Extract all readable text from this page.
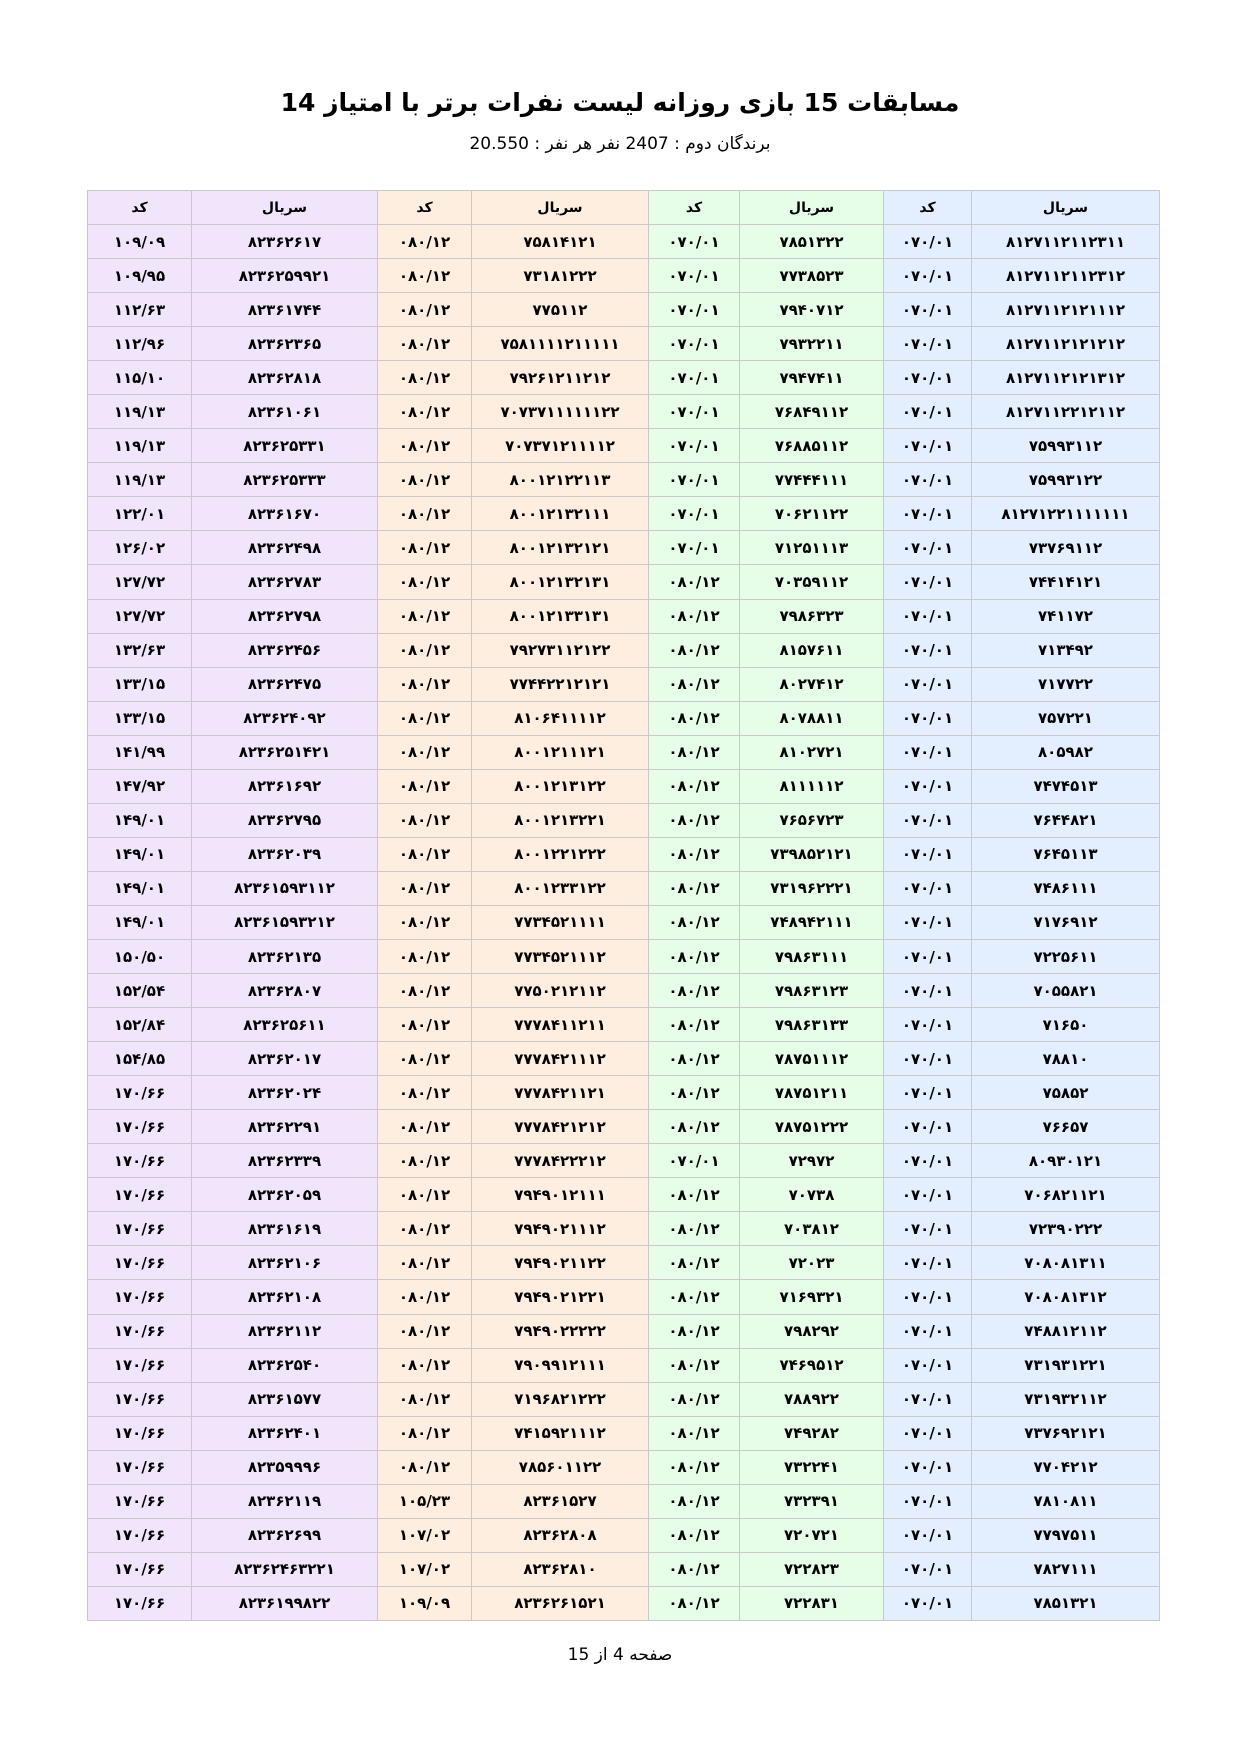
مسابقات 15 بازی روزانه لیست نفرات برتر با امتیاز 14
برندگان دوم : 2407 نفر هر نفر : 20.550
سریال	کد	سریال	کد	سریال	کد	سریال	کد
۸۱۲۷۱۱۲۱۱۲۳۱۱	۰۷۰/۰۱	۷۸۵۱۳۲۲	۰۷۰/۰۱	۷۵۸۱۴۱۲۱	۰۸۰/۱۲	۸۲۳۶۲۶۱۷	۱۰۹/۰۹
۸۱۲۷۱۱۲۱۱۲۳۱۲	۰۷۰/۰۱	۷۷۳۸۵۲۳	۰۷۰/۰۱	۷۳۱۸۱۲۲۲	۰۸۰/۱۲	۸۲۳۶۲۵۹۹۲۱	۱۰۹/۹۵
۸۱۲۷۱۱۲۱۲۱۱۱۲	۰۷۰/۰۱	۷۹۴۰۷۱۲	۰۷۰/۰۱	۷۷۵۱۱۲	۰۸۰/۱۲	۸۲۳۶۱۷۴۴	۱۱۲/۶۳
۸۱۲۷۱۱۲۱۲۱۲۱۲	۰۷۰/۰۱	۷۹۳۲۲۱۱	۰۷۰/۰۱	۷۵۸۱۱۱۱۲۱۱۱۱۱	۰۸۰/۱۲	۸۲۳۶۲۳۶۵	۱۱۲/۹۶
۸۱۲۷۱۱۲۱۲۱۳۱۲	۰۷۰/۰۱	۷۹۴۷۴۱۱	۰۷۰/۰۱	۷۹۲۶۱۲۱۱۲۱۲	۰۸۰/۱۲	۸۲۳۶۲۸۱۸	۱۱۵/۱۰
۸۱۲۷۱۱۲۲۱۲۱۱۲	۰۷۰/۰۱	۷۶۸۴۹۱۱۲	۰۷۰/۰۱	۷۰۷۳۷۱۱۱۱۱۱۲۲	۰۸۰/۱۲	۸۲۳۶۱۰۶۱	۱۱۹/۱۳
۷۵۹۹۳۱۱۲	۰۷۰/۰۱	۷۶۸۸۵۱۱۲	۰۷۰/۰۱	۷۰۷۳۷۱۲۱۱۱۱۲	۰۸۰/۱۲	۸۲۳۶۲۵۳۳۱	۱۱۹/۱۳
۷۵۹۹۳۱۲۲	۰۷۰/۰۱	۷۷۴۴۴۱۱۱	۰۷۰/۰۱	۸۰۰۱۲۱۲۲۱۱۳	۰۸۰/۱۲	۸۲۳۶۲۵۳۳۳	۱۱۹/۱۳
۸۱۲۷۱۲۲۱۱۱۱۱۱۱	۰۷۰/۰۱	۷۰۶۲۱۱۲۲	۰۷۰/۰۱	۸۰۰۱۲۱۳۲۱۱۱	۰۸۰/۱۲	۸۲۳۶۱۶۷۰	۱۲۲/۰۱
۷۳۷۶۹۱۱۲	۰۷۰/۰۱	۷۱۲۵۱۱۱۳	۰۷۰/۰۱	۸۰۰۱۲۱۳۲۱۲۱	۰۸۰/۱۲	۸۲۳۶۲۴۹۸	۱۲۶/۰۲
۷۴۴۱۴۱۲۱	۰۷۰/۰۱	۷۰۳۵۹۱۱۲	۰۸۰/۱۲	۸۰۰۱۲۱۳۲۱۳۱	۰۸۰/۱۲	۸۲۳۶۲۷۸۳	۱۲۷/۷۲
۷۴۱۱۷۲	۰۷۰/۰۱	۷۹۸۶۳۲۳	۰۸۰/۱۲	۸۰۰۱۲۱۳۳۱۳۱	۰۸۰/۱۲	۸۲۳۶۲۷۹۸	۱۲۷/۷۲
۷۱۳۴۹۲	۰۷۰/۰۱	۸۱۵۷۶۱۱	۰۸۰/۱۲	۷۹۲۷۳۱۱۲۱۲۲	۰۸۰/۱۲	۸۲۳۶۲۴۵۶	۱۳۲/۶۳
۷۱۷۷۲۲	۰۷۰/۰۱	۸۰۲۷۴۱۲	۰۸۰/۱۲	۷۷۴۴۲۲۱۲۱۲۱	۰۸۰/۱۲	۸۲۳۶۲۴۷۵	۱۳۳/۱۵
۷۵۷۲۲۱	۰۷۰/۰۱	۸۰۷۸۸۱۱	۰۸۰/۱۲	۸۱۰۶۴۱۱۱۱۲	۰۸۰/۱۲	۸۲۳۶۲۴۰۹۲	۱۳۳/۱۵
۸۰۵۹۸۲	۰۷۰/۰۱	۸۱۰۲۷۲۱	۰۸۰/۱۲	۸۰۰۱۲۱۱۱۲۱	۰۸۰/۱۲	۸۲۳۶۲۵۱۴۲۱	۱۴۱/۹۹
۷۴۷۴۵۱۳	۰۷۰/۰۱	۸۱۱۱۱۱۲	۰۸۰/۱۲	۸۰۰۱۲۱۳۱۲۲	۰۸۰/۱۲	۸۲۳۶۱۶۹۲	۱۴۷/۹۲
۷۶۴۴۸۲۱	۰۷۰/۰۱	۷۶۵۶۷۲۳	۰۸۰/۱۲	۸۰۰۱۲۱۳۲۲۱	۰۸۰/۱۲	۸۲۳۶۲۷۹۵	۱۴۹/۰۱
۷۶۴۵۱۱۳	۰۷۰/۰۱	۷۳۹۸۵۲۱۲۱	۰۸۰/۱۲	۸۰۰۱۲۲۱۲۲۲	۰۸۰/۱۲	۸۲۳۶۲۰۳۹	۱۴۹/۰۱
۷۴۸۶۱۱۱	۰۷۰/۰۱	۷۳۱۹۶۲۲۲۱	۰۸۰/۱۲	۸۰۰۱۲۳۳۱۲۲	۰۸۰/۱۲	۸۲۳۶۱۵۹۳۱۱۲	۱۴۹/۰۱
۷۱۷۶۹۱۲	۰۷۰/۰۱	۷۴۸۹۴۲۱۱۱	۰۸۰/۱۲	۷۷۳۴۵۲۱۱۱۱	۰۸۰/۱۲	۸۲۳۶۱۵۹۳۲۱۲	۱۴۹/۰۱
۷۲۲۵۶۱۱	۰۷۰/۰۱	۷۹۸۶۳۱۱۱	۰۸۰/۱۲	۷۷۳۴۵۲۱۱۱۲	۰۸۰/۱۲	۸۲۳۶۲۱۳۵	۱۵۰/۵۰
۷۰۵۵۸۲۱	۰۷۰/۰۱	۷۹۸۶۳۱۲۳	۰۸۰/۱۲	۷۷۵۰۲۱۲۱۱۲	۰۸۰/۱۲	۸۲۳۶۲۸۰۷	۱۵۲/۵۴
۷۱۶۵۰	۰۷۰/۰۱	۷۹۸۶۳۱۳۳	۰۸۰/۱۲	۷۷۷۸۴۱۱۲۱۱	۰۸۰/۱۲	۸۲۳۶۲۵۶۱۱	۱۵۲/۸۴
۷۸۸۱۰	۰۷۰/۰۱	۷۸۷۵۱۱۱۲	۰۸۰/۱۲	۷۷۷۸۴۲۱۱۱۲	۰۸۰/۱۲	۸۲۳۶۲۰۱۷	۱۵۴/۸۵
۷۵۸۵۲	۰۷۰/۰۱	۷۸۷۵۱۲۱۱	۰۸۰/۱۲	۷۷۷۸۴۲۱۱۲۱	۰۸۰/۱۲	۸۲۳۶۲۰۲۴	۱۷۰/۶۶
۷۶۶۵۷	۰۷۰/۰۱	۷۸۷۵۱۲۲۲	۰۸۰/۱۲	۷۷۷۸۴۲۱۲۱۲	۰۸۰/۱۲	۸۲۳۶۲۲۹۱	۱۷۰/۶۶
۸۰۹۳۰۱۲۱	۰۷۰/۰۱	۷۲۹۷۲	۰۷۰/۰۱	۷۷۷۸۴۲۲۲۱۲	۰۸۰/۱۲	۸۲۳۶۲۳۳۹	۱۷۰/۶۶
۷۰۶۸۲۱۱۲۱	۰۷۰/۰۱	۷۰۷۳۸	۰۸۰/۱۲	۷۹۴۹۰۱۲۱۱۱	۰۸۰/۱۲	۸۲۳۶۲۰۵۹	۱۷۰/۶۶
۷۲۳۹۰۲۲۲	۰۷۰/۰۱	۷۰۳۸۱۲	۰۸۰/۱۲	۷۹۴۹۰۲۱۱۱۲	۰۸۰/۱۲	۸۲۳۶۱۶۱۹	۱۷۰/۶۶
۷۰۸۰۸۱۳۱۱	۰۷۰/۰۱	۷۲۰۲۳	۰۸۰/۱۲	۷۹۴۹۰۲۱۱۲۲	۰۸۰/۱۲	۸۲۳۶۲۱۰۶	۱۷۰/۶۶
۷۰۸۰۸۱۳۱۲	۰۷۰/۰۱	۷۱۶۹۳۲۱	۰۸۰/۱۲	۷۹۴۹۰۲۱۲۲۱	۰۸۰/۱۲	۸۲۳۶۲۱۰۸	۱۷۰/۶۶
۷۴۸۸۱۲۱۱۲	۰۷۰/۰۱	۷۹۸۲۹۲	۰۸۰/۱۲	۷۹۴۹۰۲۲۲۲۲	۰۸۰/۱۲	۸۲۳۶۲۱۱۲	۱۷۰/۶۶
۷۳۱۹۳۱۲۲۱	۰۷۰/۰۱	۷۴۶۹۵۱۲	۰۸۰/۱۲	۷۹۰۹۹۱۲۱۱۱	۰۸۰/۱۲	۸۲۳۶۲۵۴۰	۱۷۰/۶۶
۷۳۱۹۳۲۱۱۲	۰۷۰/۰۱	۷۸۸۹۲۲	۰۸۰/۱۲	۷۱۹۶۸۲۱۲۲۲	۰۸۰/۱۲	۸۲۳۶۱۵۷۷	۱۷۰/۶۶
۷۳۷۶۹۲۱۲۱	۰۷۰/۰۱	۷۴۹۲۸۲	۰۸۰/۱۲	۷۴۱۵۹۲۱۱۱۲	۰۸۰/۱۲	۸۲۳۶۲۴۰۱	۱۷۰/۶۶
۷۷۰۴۲۱۲	۰۷۰/۰۱	۷۳۲۲۴۱	۰۸۰/۱۲	۷۸۵۶۰۱۱۲۲	۰۸۰/۱۲	۸۲۳۵۹۹۹۶	۱۷۰/۶۶
۷۸۱۰۸۱۱	۰۷۰/۰۱	۷۳۲۳۹۱	۰۸۰/۱۲	۸۲۳۶۱۵۲۷	۱۰۵/۲۳	۸۲۳۶۲۱۱۹	۱۷۰/۶۶
۷۷۹۷۵۱۱	۰۷۰/۰۱	۷۲۰۷۲۱	۰۸۰/۱۲	۸۲۳۶۲۸۰۸	۱۰۷/۰۲	۸۲۳۶۲۶۹۹	۱۷۰/۶۶
۷۸۲۷۱۱۱	۰۷۰/۰۱	۷۲۲۸۲۳	۰۸۰/۱۲	۸۲۳۶۲۸۱۰	۱۰۷/۰۲	۸۲۳۶۲۴۶۳۲۲۱	۱۷۰/۶۶
۷۸۵۱۳۲۱	۰۷۰/۰۱	۷۲۲۸۳۱	۰۸۰/۱۲	۸۲۳۶۲۶۱۵۲۱	۱۰۹/۰۹	۸۲۳۶۱۹۹۸۲۲	۱۷۰/۶۶
صفحه 4 از 15
